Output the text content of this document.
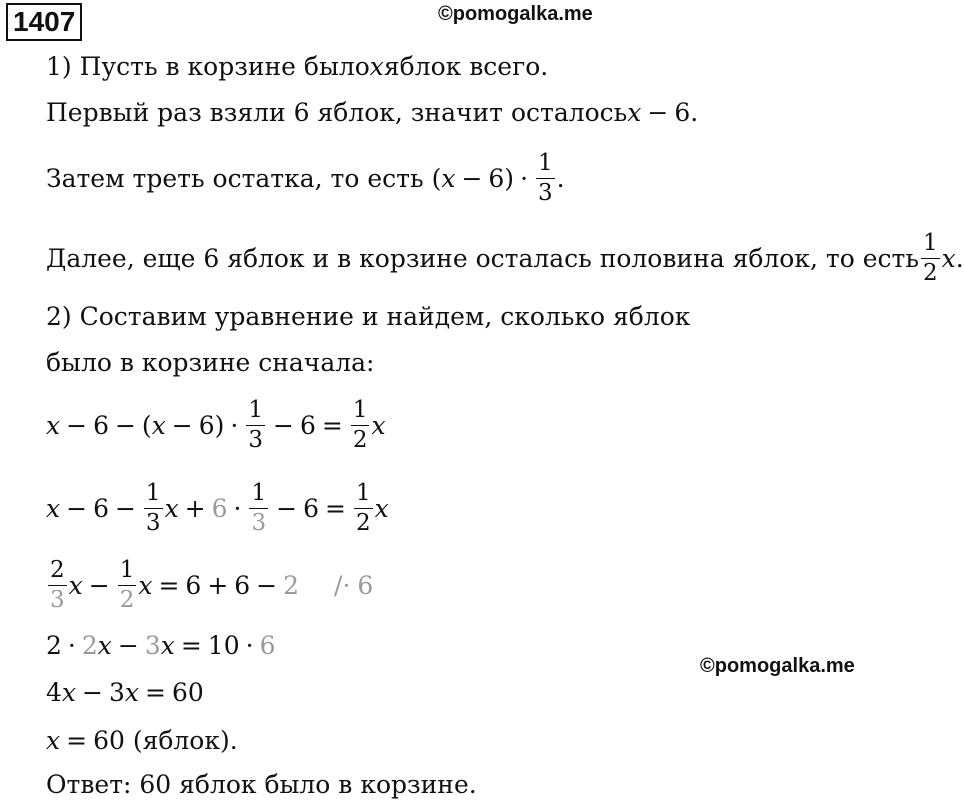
1407	©pomogalka.me
1) Пусть в корзине было x яблок всего.
Первый раз взяли 6 яблок, значит осталось x − 6.
Затем треть остатка, то есть ( $x - 6) \cdot \frac{1}{3}$ .
Далее, еще 6 яблок и в корзине осталась половина яблок, то есть $\frac{1}{2}$ x .
2) Составим уравнение и найдем, сколько яблок
было в корзине сначала:
x − 6 − ( x − 6 ) · $\frac{1}{3} - 6 = \frac{1}{2}$ x
$x - 6 - \frac{1}{3}$ $x + 6 \cdot \frac{1}{3} - 6 = \frac{1}{2}$ x
$\frac{2}{3}$ $x - \frac{1}{2}$ x = 6 + 6 − 2 /· 6
2 · 2 x − 3 x = 10 · 6
©pomogalka.me
4 x − 3 x = 60
x = 60 (яблок).
Ответ: 60 яблок было в корзине.
